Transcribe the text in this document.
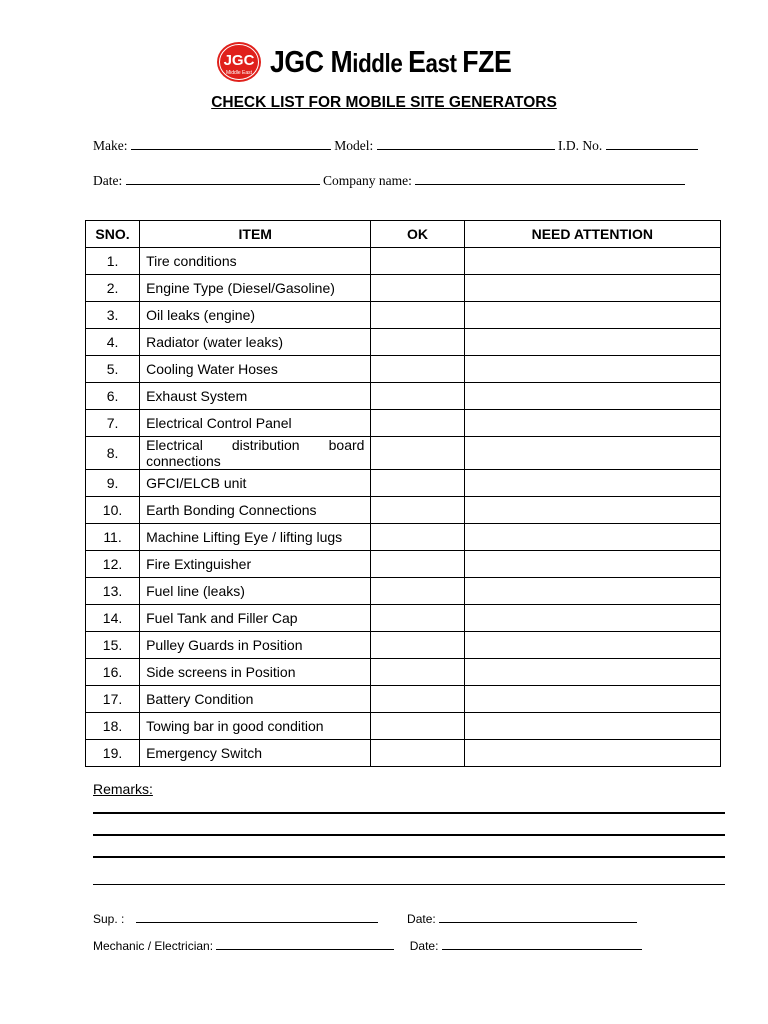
JGC
Middle East JGC Middle East FZE
CHECK LIST FOR MOBILE SITE GENERATORS
Make:	Model:	I.D. No.
Date:	Company name:
SNO.	ITEM	OK	NEED ATTENTION
1.	Tire conditions		
2.	Engine Type (Diesel/Gasoline)		
3.	Oil leaks (engine)		
4.	Radiator (water leaks)		
5.	Cooling Water Hoses		
6.	Exhaust System		
7.	Electrical Control Panel		
8.	Electrical distribution board connections		
9.	GFCI/ELCB unit		
10.	Earth Bonding Connections		
11.	Machine Lifting Eye / lifting lugs		
12.	Fire Extinguisher		
13.	Fuel line (leaks)		
14.	Fuel Tank and Filler Cap		
15.	Pulley Guards in Position		
16.	Side screens in Position		
17.	Battery Condition		
18.	Towing bar in good condition		
19.	Emergency Switch		
Remarks:
Sup. :	Date:
Mechanic / Electrician:	Date:
